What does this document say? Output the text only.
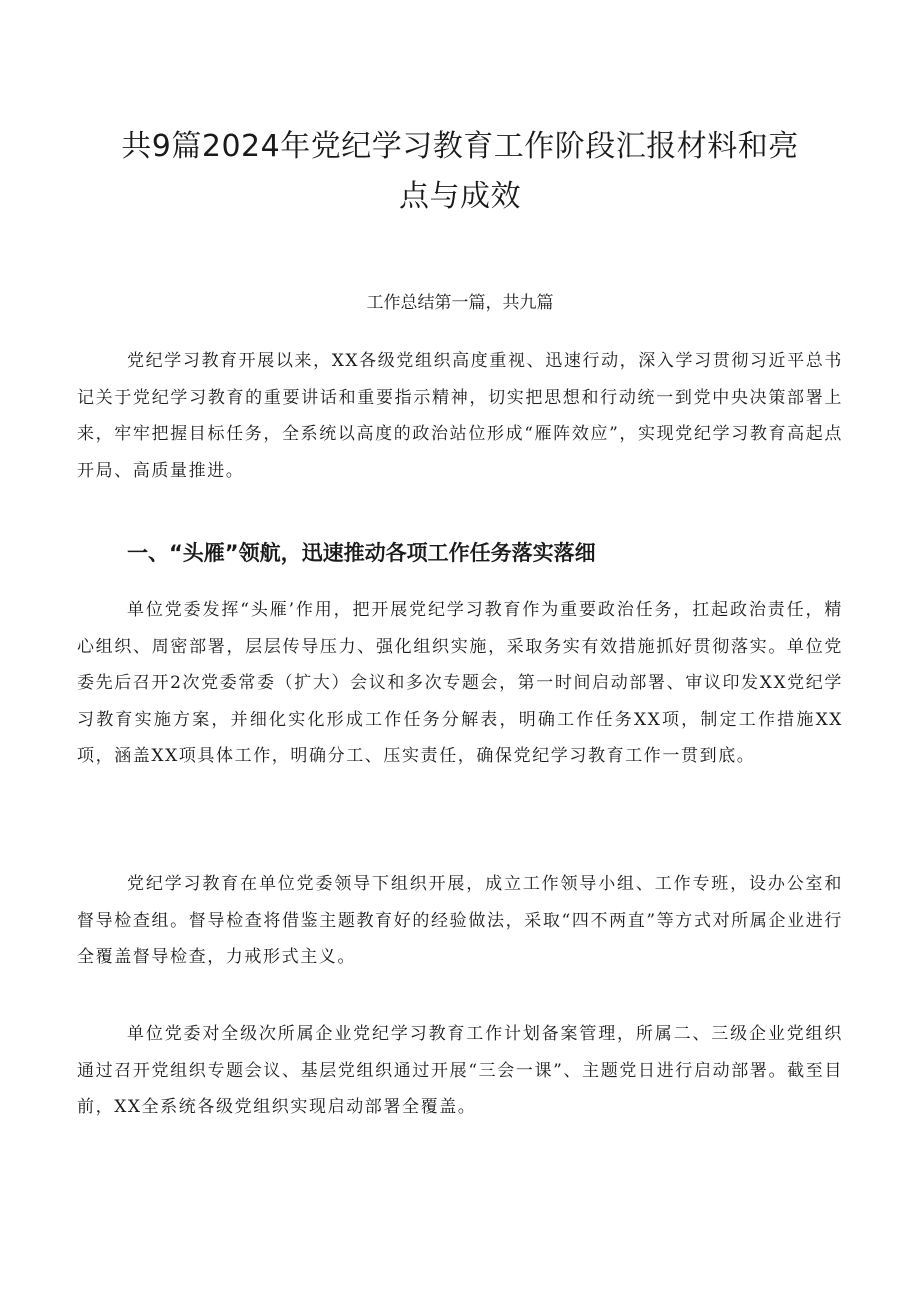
共9篇2024年党纪学习教育工作阶段汇报材料和亮
点与成效

工作总结第一篇，共九篇

党纪学习教育开展以来，XX各级党组织高度重视、迅速行动，深入学习贯彻习近平总书记关于党纪学习教育的重要讲话和重要指示精神，切实把思想和行动统一到党中央决策部署上来，牢牢把握目标任务，全系统以高度的政治站位形成“雁阵效应”，实现党纪学习教育高起点开局、高质量推进。

一、“头雁”领航，迅速推动各项工作任务落实落细

单位党委发挥“头雁’作用，把开展党纪学习教育作为重要政治任务，扛起政治责任，精心组织、周密部署，层层传导压力、强化组织实施，采取务实有效措施抓好贯彻落实。单位党委先后召开2次党委常委（扩大）会议和多次专题会，第一时间启动部署、审议印发XX党纪学习教育实施方案，并细化实化形成工作任务分解表，明确工作任务XX项，制定工作措施XX项，涵盖XX项具体工作，明确分工、压实责任，确保党纪学习教育工作一贯到底。

党纪学习教育在单位党委领导下组织开展，成立工作领导小组、工作专班，设办公室和督导检查组。督导检查将借鉴主题教育好的经验做法，采取“四不两直”等方式对所属企业进行全覆盖督导检查，力戒形式主义。

单位党委对全级次所属企业党纪学习教育工作计划备案管理，所属二、三级企业党组织通过召开党组织专题会议、基层党组织通过开展“三会一课”、主题党日进行启动部署。截至目前，XX全系统各级党组织实现启动部署全覆盖。
